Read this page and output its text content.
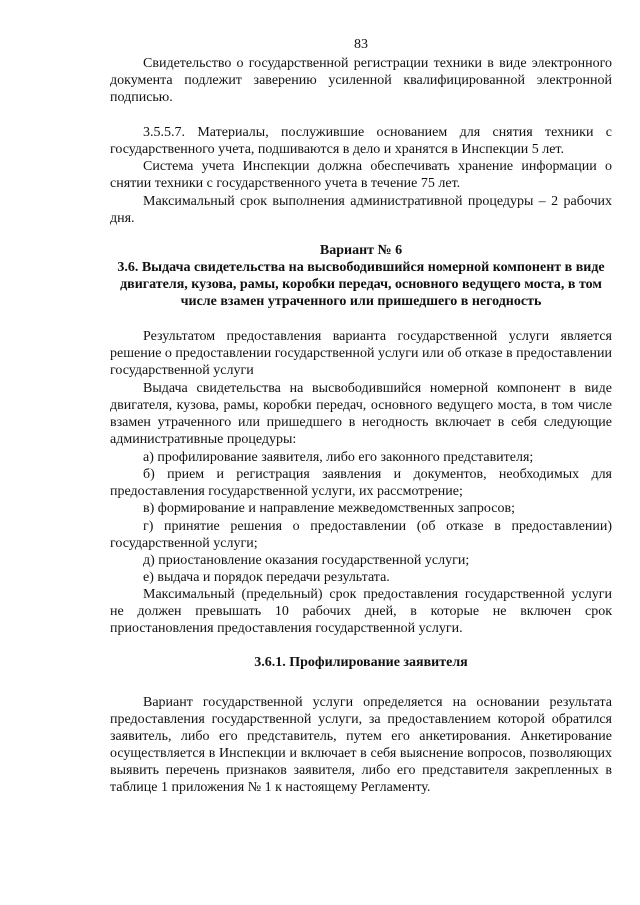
83

Свидетельство о государственной регистрации техники в виде электронного документа подлежит заверению усиленной квалифицированной электронной подписью.

3.5.5.7. Материалы, послужившие основанием для снятия техники с государственного учета, подшиваются в дело и хранятся в Инспекции 5 лет.

Система учета Инспекции должна обеспечивать хранение информации о снятии техники с государственного учета в течение 75 лет.

Максимальный срок выполнения административной процедуры – 2 рабочих дня.

Вариант № 6
3.6. Выдача свидетельства на высвободившийся номерной компонент в виде двигателя, кузова, рамы, коробки передач, основного ведущего моста, в том числе взамен утраченного или пришедшего в негодность

Результатом предоставления варианта государственной услуги является решение о предоставлении государственной услуги или об отказе в предоставлении государственной услуги

Выдача свидетельства на высвободившийся номерной компонент в виде двигателя, кузова, рамы, коробки передач, основного ведущего моста, в том числе взамен утраченного или пришедшего в негодность включает в себя следующие административные процедуры:

а) профилирование заявителя, либо его законного представителя;

б) прием и регистрация заявления и документов, необходимых для предоставления государственной услуги, их рассмотрение;

в) формирование и направление межведомственных запросов;

г) принятие решения о предоставлении (об отказе в предоставлении) государственной услуги;

д) приостановление оказания государственной услуги;

е) выдача и порядок передачи результата.

Максимальный (предельный) срок предоставления государственной услуги не должен превышать 10 рабочих дней, в которые не включен срок приостановления предоставления государственной услуги.

3.6.1. Профилирование заявителя

Вариант государственной услуги определяется на основании результата предоставления государственной услуги, за предоставлением которой обратился заявитель, либо его представитель, путем его анкетирования. Анкетирование осуществляется в Инспекции и включает в себя выяснение вопросов, позволяющих выявить перечень признаков заявителя, либо его представителя закрепленных в таблице 1 приложения № 1 к настоящему Регламенту.
